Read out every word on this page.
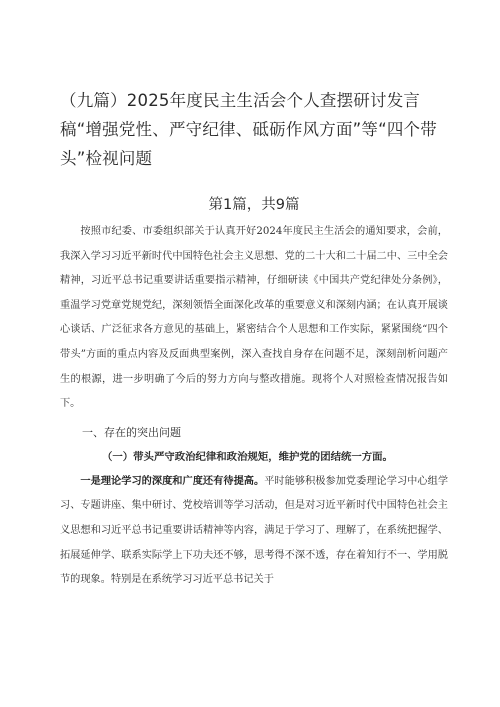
（九篇）2025年度民主生活会个人查摆研讨发言稿“增强党性、严守纪律、砥砺作风方面”等“四个带头”检视问题
第1篇，共9篇

按照市纪委、市委组织部关于认真开好2024年度民主生活会的通知要求，会前，我深入学习习近平新时代中国特色社会主义思想、党的二十大和二十届二中、三中全会精神，习近平总书记重要讲话重要指示精神，仔细研读《中国共产党纪律处分条例》，重温学习党章党规党纪，深刻领悟全面深化改革的重要意义和深刻内涵；在认真开展谈心谈话、广泛征求各方意见的基础上，紧密结合个人思想和工作实际，紧紧围绕“四个带头”方面的重点内容及反面典型案例，深入查找自身存在问题不足，深刻剖析问题产生的根源，进一步明确了今后的努力方向与整改措施。现将个人对照检查情况报告如下。

一、存在的突出问题
（一）带头严守政治纪律和政治规矩，维护党的团结统一方面。

一是理论学习的深度和广度还有待提高。平时能够积极参加党委理论学习中心组学习、专题讲座、集中研讨、党校培训等学习活动，但是对习近平新时代中国特色社会主义思想和习近平总书记重要讲话精神等内容，满足于学习了、理解了，在系统把握学、拓展延伸学、联系实际学上下功夫还不够，思考得不深不透，存在着知行不一、学用脱节的现象。特别是在系统学习习近平总书记关于
